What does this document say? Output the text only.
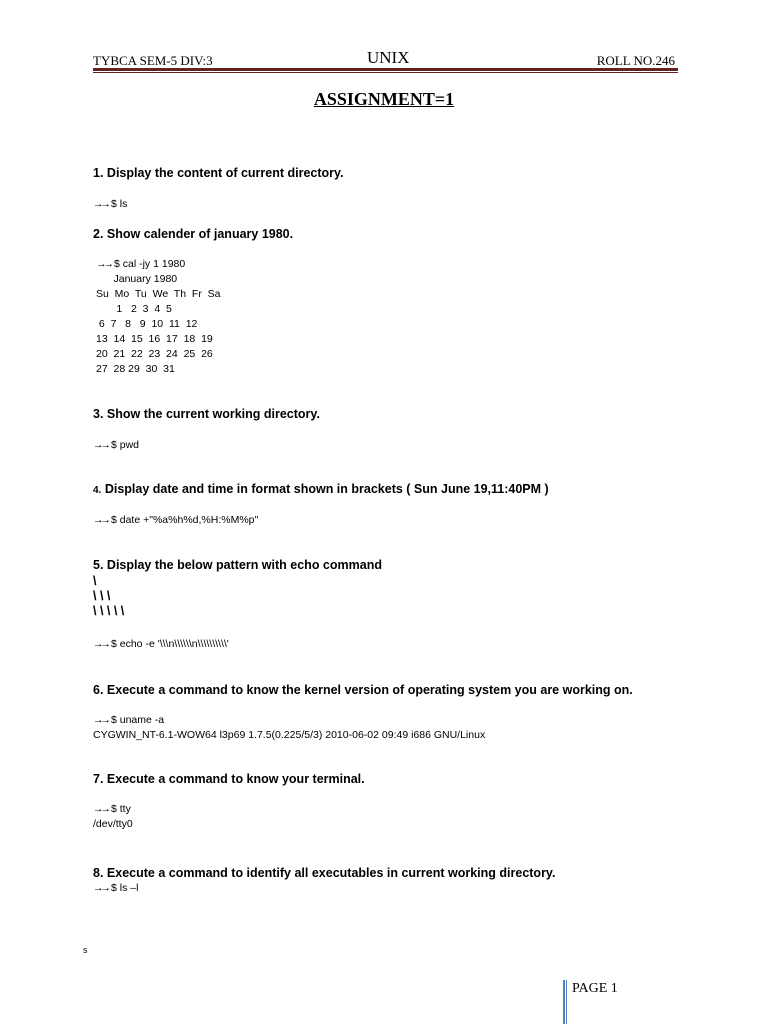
TYBCA SEM-5 DIV:3	UNIX	ROLL NO.246
ASSIGNMENT=1

1. Display the content of current directory.

→→ $ ls

2. Show calender of january 1980.

→→ $ cal -jy 1 1980

January 1980
Su  Mo  Tu  We  Th  Fr  Sa
1   2  3  4  5
6  7   8   9  10  11  12
13  14  15  16  17  18  19
20  21  22  23  24  25  26
27  28 29  30  31

3. Show the current working directory.

→→ $ pwd

4. Display date and time in format shown in brackets ( Sun June 19,11:40PM )

→→ $ date +"%a%h%d,%H:%M%p"

5. Display the below pattern with echo command

\
\ \ \
\ \ \ \ \

→→ $ echo -e '\\\n\\\\\\n\\\\\\\\\\'

6. Execute a command to know the kernel version of operating system you are working on.

→→ $ uname -a

CYGWIN_NT-6.1-WOW64 l3p69 1.7.5(0.225/5/3) 2010-06-02 09:49 i686 GNU/Linux

7. Execute a command to know your terminal.

→→ $ tty

/dev/tty0

8. Execute a command to identify all executables in current working directory.

→→ $ ls –l

s
PAGE 1
